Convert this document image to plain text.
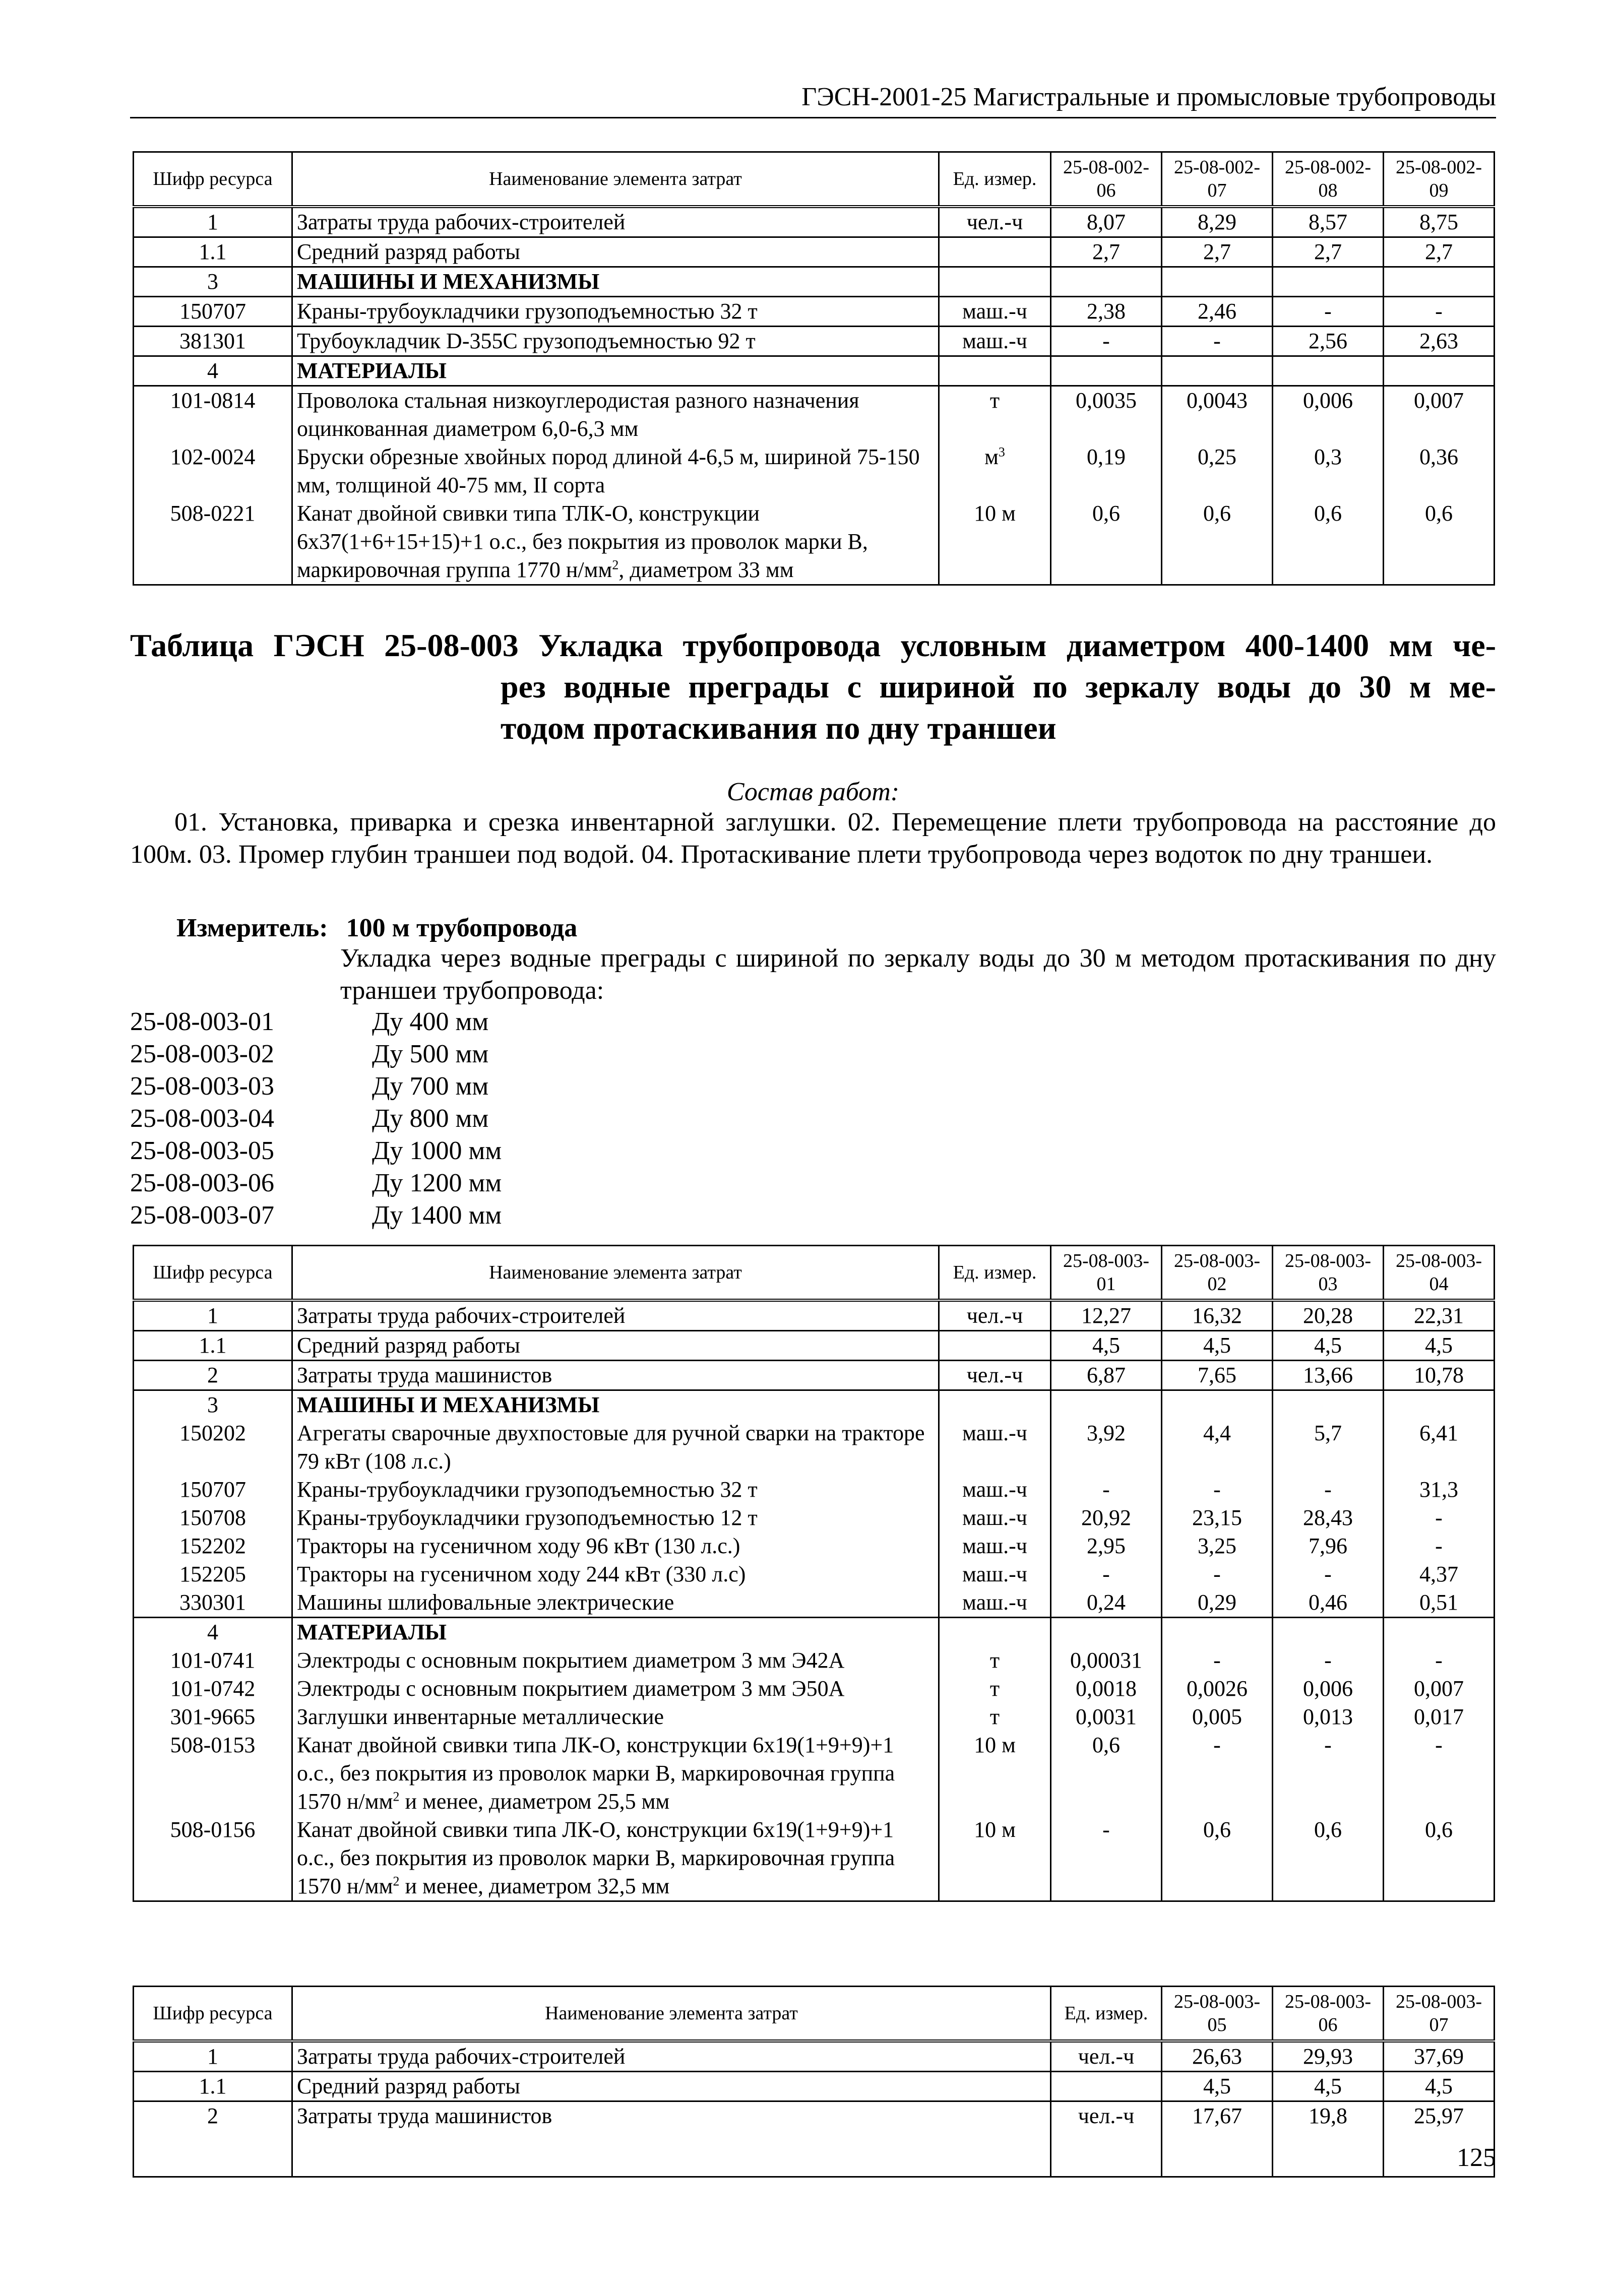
ГЭСН-2001-25 Магистральные и промысловые трубопроводы
Шифр ресурса	Наименование элемента затрат	Ед. измер.	25-08-002-06	25-08-002-07	25-08-002-08	25-08-002-09
1	Затраты труда рабочих-строителей	чел.-ч	8,07	8,29	8,57	8,75
1.1	Средний разряд работы		2,7	2,7	2,7	2,7
3	МАШИНЫ И МЕХАНИЗМЫ					
150707	Краны-трубоукладчики грузоподъемностью 32 т	маш.-ч	2,38	2,46	-	-
381301	Трубоукладчик D-355С грузоподъемностью 92 т	маш.-ч	-	-	2,56	2,63
4	МАТЕРИАЛЫ					
101-0814	Проволока стальная низкоуглеродистая разного назначения оцинкованная диаметром 6,0-6,3 мм	т	0,0035	0,0043	0,006	0,007
102-0024	Бруски обрезные хвойных пород длиной 4-6,5 м, шириной 75-150 мм, толщиной 40-75 мм, II сорта	$м^3$	0,19	0,25	0,3	0,36
508-0221	Канат двойной свивки типа ТЛК-О, конструкции 6х37(1+6+15+15)+1 о.с., без покрытия из проволок марки В, маркировочная группа 1770 $н/мм^2$, диаметром 33 мм	10 м	0,6	0,6	0,6	0,6
Таблица ГЭСН 25-08-003 Укладка трубопровода условным диаметром 400-1400 мм че-
рез водные преграды с шириной по зеркалу воды до 30 м ме-
тодом протаскивания по дну траншеи
Состав работ:

01. Установка, приварка и срезка инвентарной заглушки. 02. Перемещение плети трубопровода на расстояние до 100м. 03. Промер глубин траншеи под водой. 04. Протаскивание плети трубопровода через водоток по дну траншеи.

Измеритель: 100 м трубопровода

Укладка через водные преграды с шириной по зеркалу воды до 30 м методом протаскивания по дну траншеи трубопровода:

25-08-003-01	Ду 400 мм
25-08-003-02	Ду 500 мм
25-08-003-03	Ду 700 мм
25-08-003-04	Ду 800 мм
25-08-003-05	Ду 1000 мм
25-08-003-06	Ду 1200 мм
25-08-003-07	Ду 1400 мм
Шифр ресурса	Наименование элемента затрат	Ед. измер.	25-08-003-01	25-08-003-02	25-08-003-03	25-08-003-04
1	Затраты труда рабочих-строителей	чел.-ч	12,27	16,32	20,28	22,31
1.1	Средний разряд работы		4,5	4,5	4,5	4,5
2	Затраты труда машинистов	чел.-ч	6,87	7,65	13,66	10,78
3	МАШИНЫ И МЕХАНИЗМЫ					
150202	Агрегаты сварочные двухпостовые для ручной сварки на тракторе 79 кВт (108 л.с.)	маш.-ч	3,92	4,4	5,7	6,41
150707	Краны-трубоукладчики грузоподъемностью 32 т	маш.-ч	-	-	-	31,3
150708	Краны-трубоукладчики грузоподъемностью 12 т	маш.-ч	20,92	23,15	28,43	-
152202	Тракторы на гусеничном ходу 96 кВт (130 л.с.)	маш.-ч	2,95	3,25	7,96	-
152205	Тракторы на гусеничном ходу 244 кВт (330 л.с)	маш.-ч	-	-	-	4,37
330301	Машины шлифовальные электрические	маш.-ч	0,24	0,29	0,46	0,51
4	МАТЕРИАЛЫ					
101-0741	Электроды с основным покрытием диаметром 3 мм Э42А	т	0,00031	-	-	-
101-0742	Электроды с основным покрытием диаметром 3 мм Э50А	т	0,0018	0,0026	0,006	0,007
301-9665	Заглушки инвентарные металлические	т	0,0031	0,005	0,013	0,017
508-0153	Канат двойной свивки типа ЛК-О, конструкции 6х19(1+9+9)+1 о.с., без покрытия из проволок марки В, маркировочная группа 1570 $н/мм^2$ и менее, диаметром 25,5 мм	10 м	0,6	-	-	-
508-0156	Канат двойной свивки типа ЛК-О, конструкции 6х19(1+9+9)+1 о.с., без покрытия из проволок марки В, маркировочная группа 1570 $н/мм^2$ и менее, диаметром 32,5 мм	10 м	-	0,6	0,6	0,6
Шифр ресурса	Наименование элемента затрат	Ед. измер.	25-08-003-05	25-08-003-06	25-08-003-07
1	Затраты труда рабочих-строителей	чел.-ч	26,63	29,93	37,69
1.1	Средний разряд работы		4,5	4,5	4,5
2	Затраты труда машинистов	чел.-ч	17,67	19,8	25,97
125
